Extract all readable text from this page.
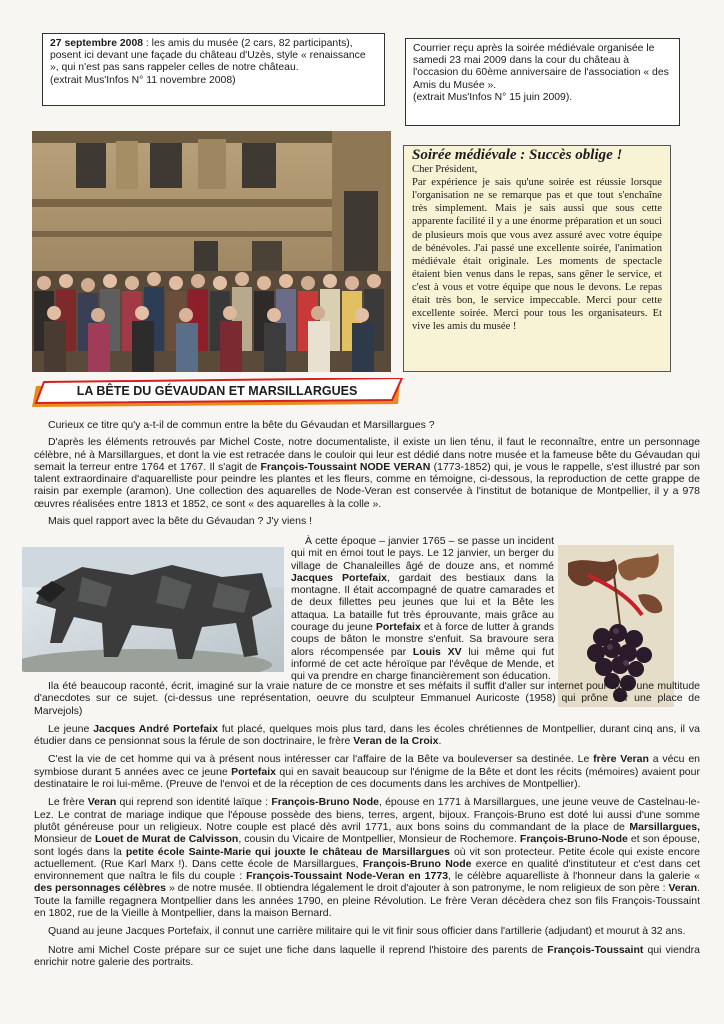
27 septembre 2008 : les amis du musée (2 cars, 82 participants), posent ici devant une façade du château d'Uzès, style « renaissance », qui n'est pas sans rappeler celles de notre château.
(extrait Mus'Infos N° 11 novembre 2008)
Courrier reçu après la soirée médiévale organisée le samedi 23 mai 2009 dans la cour du château à l'occasion du 60ème anniversaire de l'association « des Amis du Musée ».
(extrait Mus'Infos N° 15 juin 2009).
Soirée médiévale : Succès oblige !

Cher Président,

Par expérience je sais qu'une soirée est réussie lorsque l'organisation ne se remarque pas et que tout s'enchaîne très simplement. Mais je sais aussi que sous cette apparente facilité il y a une énorme préparation et un souci de plusieurs mois que vous avez assuré avec votre équipe de bénévoles. J'ai passé une excellente soirée, l'animation médiévale était originale. Les moments de spectacle étaient bien venus dans le repas, sans gêner le service, et c'est à vous et votre équipe que nous le devons. Le repas était très bon, le service impeccable. Merci pour cette excellente soirée. Merci pour tous les organisateurs. Et vive les amis du musée !

LA BÊTE DU GÉVAUDAN ET MARSILLARGUES

Curieux ce titre qu'y a-t-il de commun entre la bête du Gévaudan et Marsillargues ?

D'après les éléments retrouvés par Michel Coste, notre documentaliste, il existe un lien ténu, il faut le reconnaître, entre un personnage célèbre, né à Marsillargues, et dont la vie est retracée dans le couloir qui leur est dédié dans notre musée et la fameuse bête du Gévaudan qui semait la terreur entre 1764 et 1767. Il s'agit de François-Toussaint NODE VERAN (1773-1852) qui, je vous le rappelle, s'est illustré par son talent extraordinaire d'aquarelliste pour peindre les plantes et les fleurs, comme en témoigne, ci-dessous, la reproduction de cette grappe de raisin par exemple (aramon). Une collection des aquarelles de Node-Veran est conservée à l'institut de botanique de Montpellier, il y a 978 œuvres réalisées entre 1813 et 1852, ce sont « des aquarelles à la colle ».

Mais quel rapport avec la bête du Gévaudan ? J'y viens !

À cette époque – janvier 1765 – se passe un incident qui mit en émoi tout le pays. Le 12 janvier, un berger du village de Chanaleilles âgé de douze ans, et nommé Jacques Portefaix, gardait des bestiaux dans la montagne. Il était accompagné de quatre camarades et de deux fillettes peu jeunes que lui et la Bête les attaqua. La bataille fut très éprouvante, mais grâce au courage du jeune Portefaix et à force de lutter à grands coups de bâton le monstre s'enfuit. Sa bravoure sera alors récompensée par Louis XV lui même qui fut informé de cet acte héroïque par l'évêque de Mende, et qui va prendre en charge financièrement son éducation.

Ila été beaucoup raconté, écrit, imaginé sur la vraie nature de ce monstre et ses méfaits il suffit d'aller sur internet pour avoir une multitude d'anecdotes sur ce sujet. (ci-dessus une représentation, oeuvre du sculpteur Emmanuel Auricoste (1958) qui prône sur une place de Marvejols)

Le jeune Jacques André Portefaix fut placé, quelques mois plus tard, dans les écoles chrétiennes de Montpellier, durant cinq ans, il va étudier dans ce pensionnat sous la férule de son doctrinaire, le frère Veran de la Croix.

C'est la vie de cet homme qui va à présent nous intéresser car l'affaire de la Bête va bouleverser sa destinée. Le frère Veran a vécu en symbiose durant 5 années avec ce jeune Portefaix qui en savait beaucoup sur l'énigme de la Bête et dont les récits (mémoires) avaient pour destinataire le roi lui-même. (Preuve de l'envoi et de la réception de ces documents dans les archives de Montpellier).

Le frère Veran qui reprend son identité laïque : François-Bruno Node, épouse en 1771 à Marsillargues, une jeune veuve de Castelnau-le-Lez. Le contrat de mariage indique que l'épouse possède des biens, terres, argent, bijoux. François-Bruno est doté lui aussi d'une somme plutôt généreuse pour un religieux. Notre couple est placé dès avril 1771, aux bons soins du commandant de la place de Marsillargues, Monsieur de Louet de Murat de Calvisson, cousin du Vicaire de Montpellier, Monsieur de Rochemore. François-Bruno-Node et son épouse, sont logés dans la petite école Sainte-Marie qui jouxte le château de Marsillargues où vit son protecteur. Petite école qui existe encore actuellement. (Rue Karl Marx !). Dans cette école de Marsillargues, François-Bruno Node exerce en qualité d'instituteur et c'est dans cet environnement que naîtra le fils du couple : François-Toussaint Node-Veran en 1773, le célèbre aquarelliste à l'honneur dans la galerie « des personnages célèbres » de notre musée. Il obtiendra légalement le droit d'ajouter à son patronyme, le nom religieux de son père : Veran. Toute la famille regagnera Montpellier dans les années 1790, en pleine Révolution. Le frère Veran décèdera chez son fils François-Toussaint en 1802, rue de la Vieille à Montpellier, dans la maison Bernard.

Quand au jeune Jacques Portefaix, il connut une carrière militaire qui le vit finir sous officier dans l'artillerie (adjudant) et mourut à 32 ans.

Notre ami Michel Coste prépare sur ce sujet une fiche dans laquelle il reprend l'histoire des parents de François-Toussaint qui viendra enrichir notre galerie des portraits.
